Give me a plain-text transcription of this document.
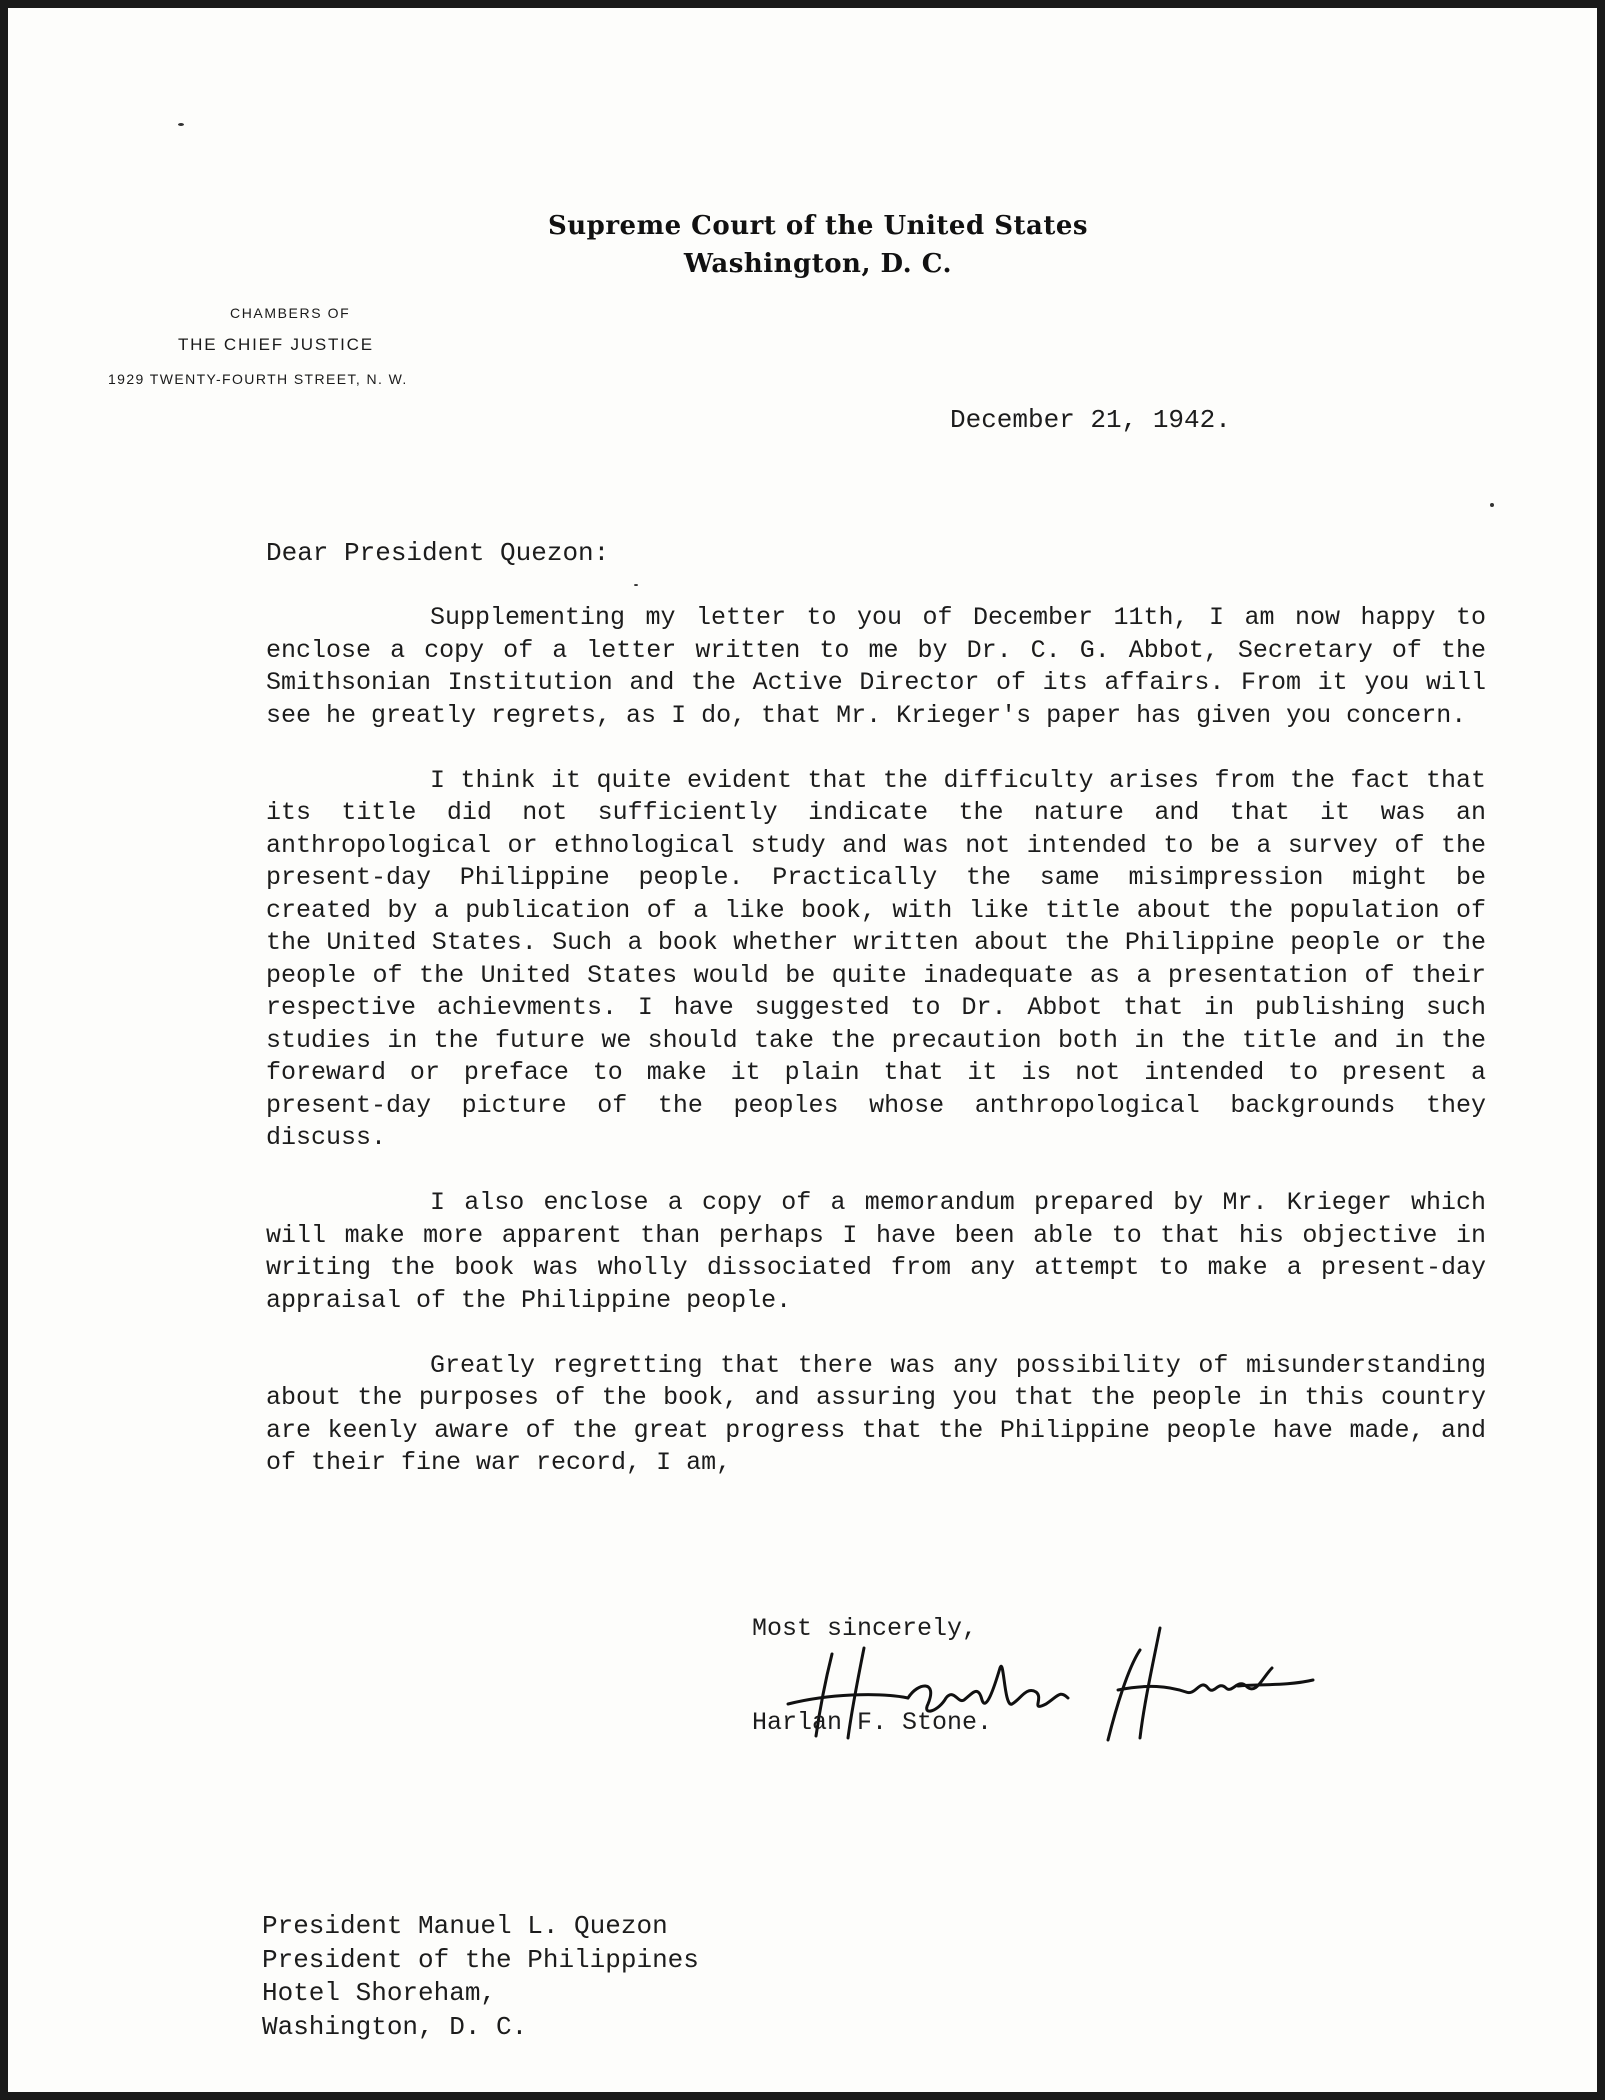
Supreme Court of the United States
Washington, D. C.
CHAMBERS OF
THE CHIEF JUSTICE
1929 TWENTY-FOURTH STREET, N. W.
December 21, 1942.
Dear President Quezon:

Supplementing my letter to you of December 11th, I am now happy to enclose a copy of a letter written to me by Dr. C. G. Abbot, Secretary of the Smithsonian Institution and the Active Director of its affairs. From it you will see he greatly regrets, as I do, that Mr. Krieger's paper has given you concern.

I think it quite evident that the difficulty arises from the fact that its title did not sufficiently indicate the nature and that it was an anthropological or ethnological study and was not intended to be a survey of the present-day Philippine people. Practically the same misimpression might be created by a publication of a like book, with like title about the population of the United States. Such a book whether written about the Philippine people or the people of the United States would be quite inadequate as a presentation of their respective achievments. I have suggested to Dr. Abbot that in publishing such studies in the future we should take the precaution both in the title and in the foreward or preface to make it plain that it is not intended to present a present-day picture of the peoples whose anthropological backgrounds they discuss.

I also enclose a copy of a memorandum prepared by Mr. Krieger which will make more apparent than perhaps I have been able to that his objective in writing the book was wholly dissociated from any attempt to make a present-day appraisal of the Philippine people.

Greatly regretting that there was any possibility of misunderstanding about the purposes of the book, and assuring you that the people in this country are keenly aware of the great progress that the Philippine people have made, and of their fine war record, I am,

Most sincerely,
Harlan F. Stone.
President Manuel L. Quezon
President of the Philippines
Hotel Shoreham,
Washington, D. C.
